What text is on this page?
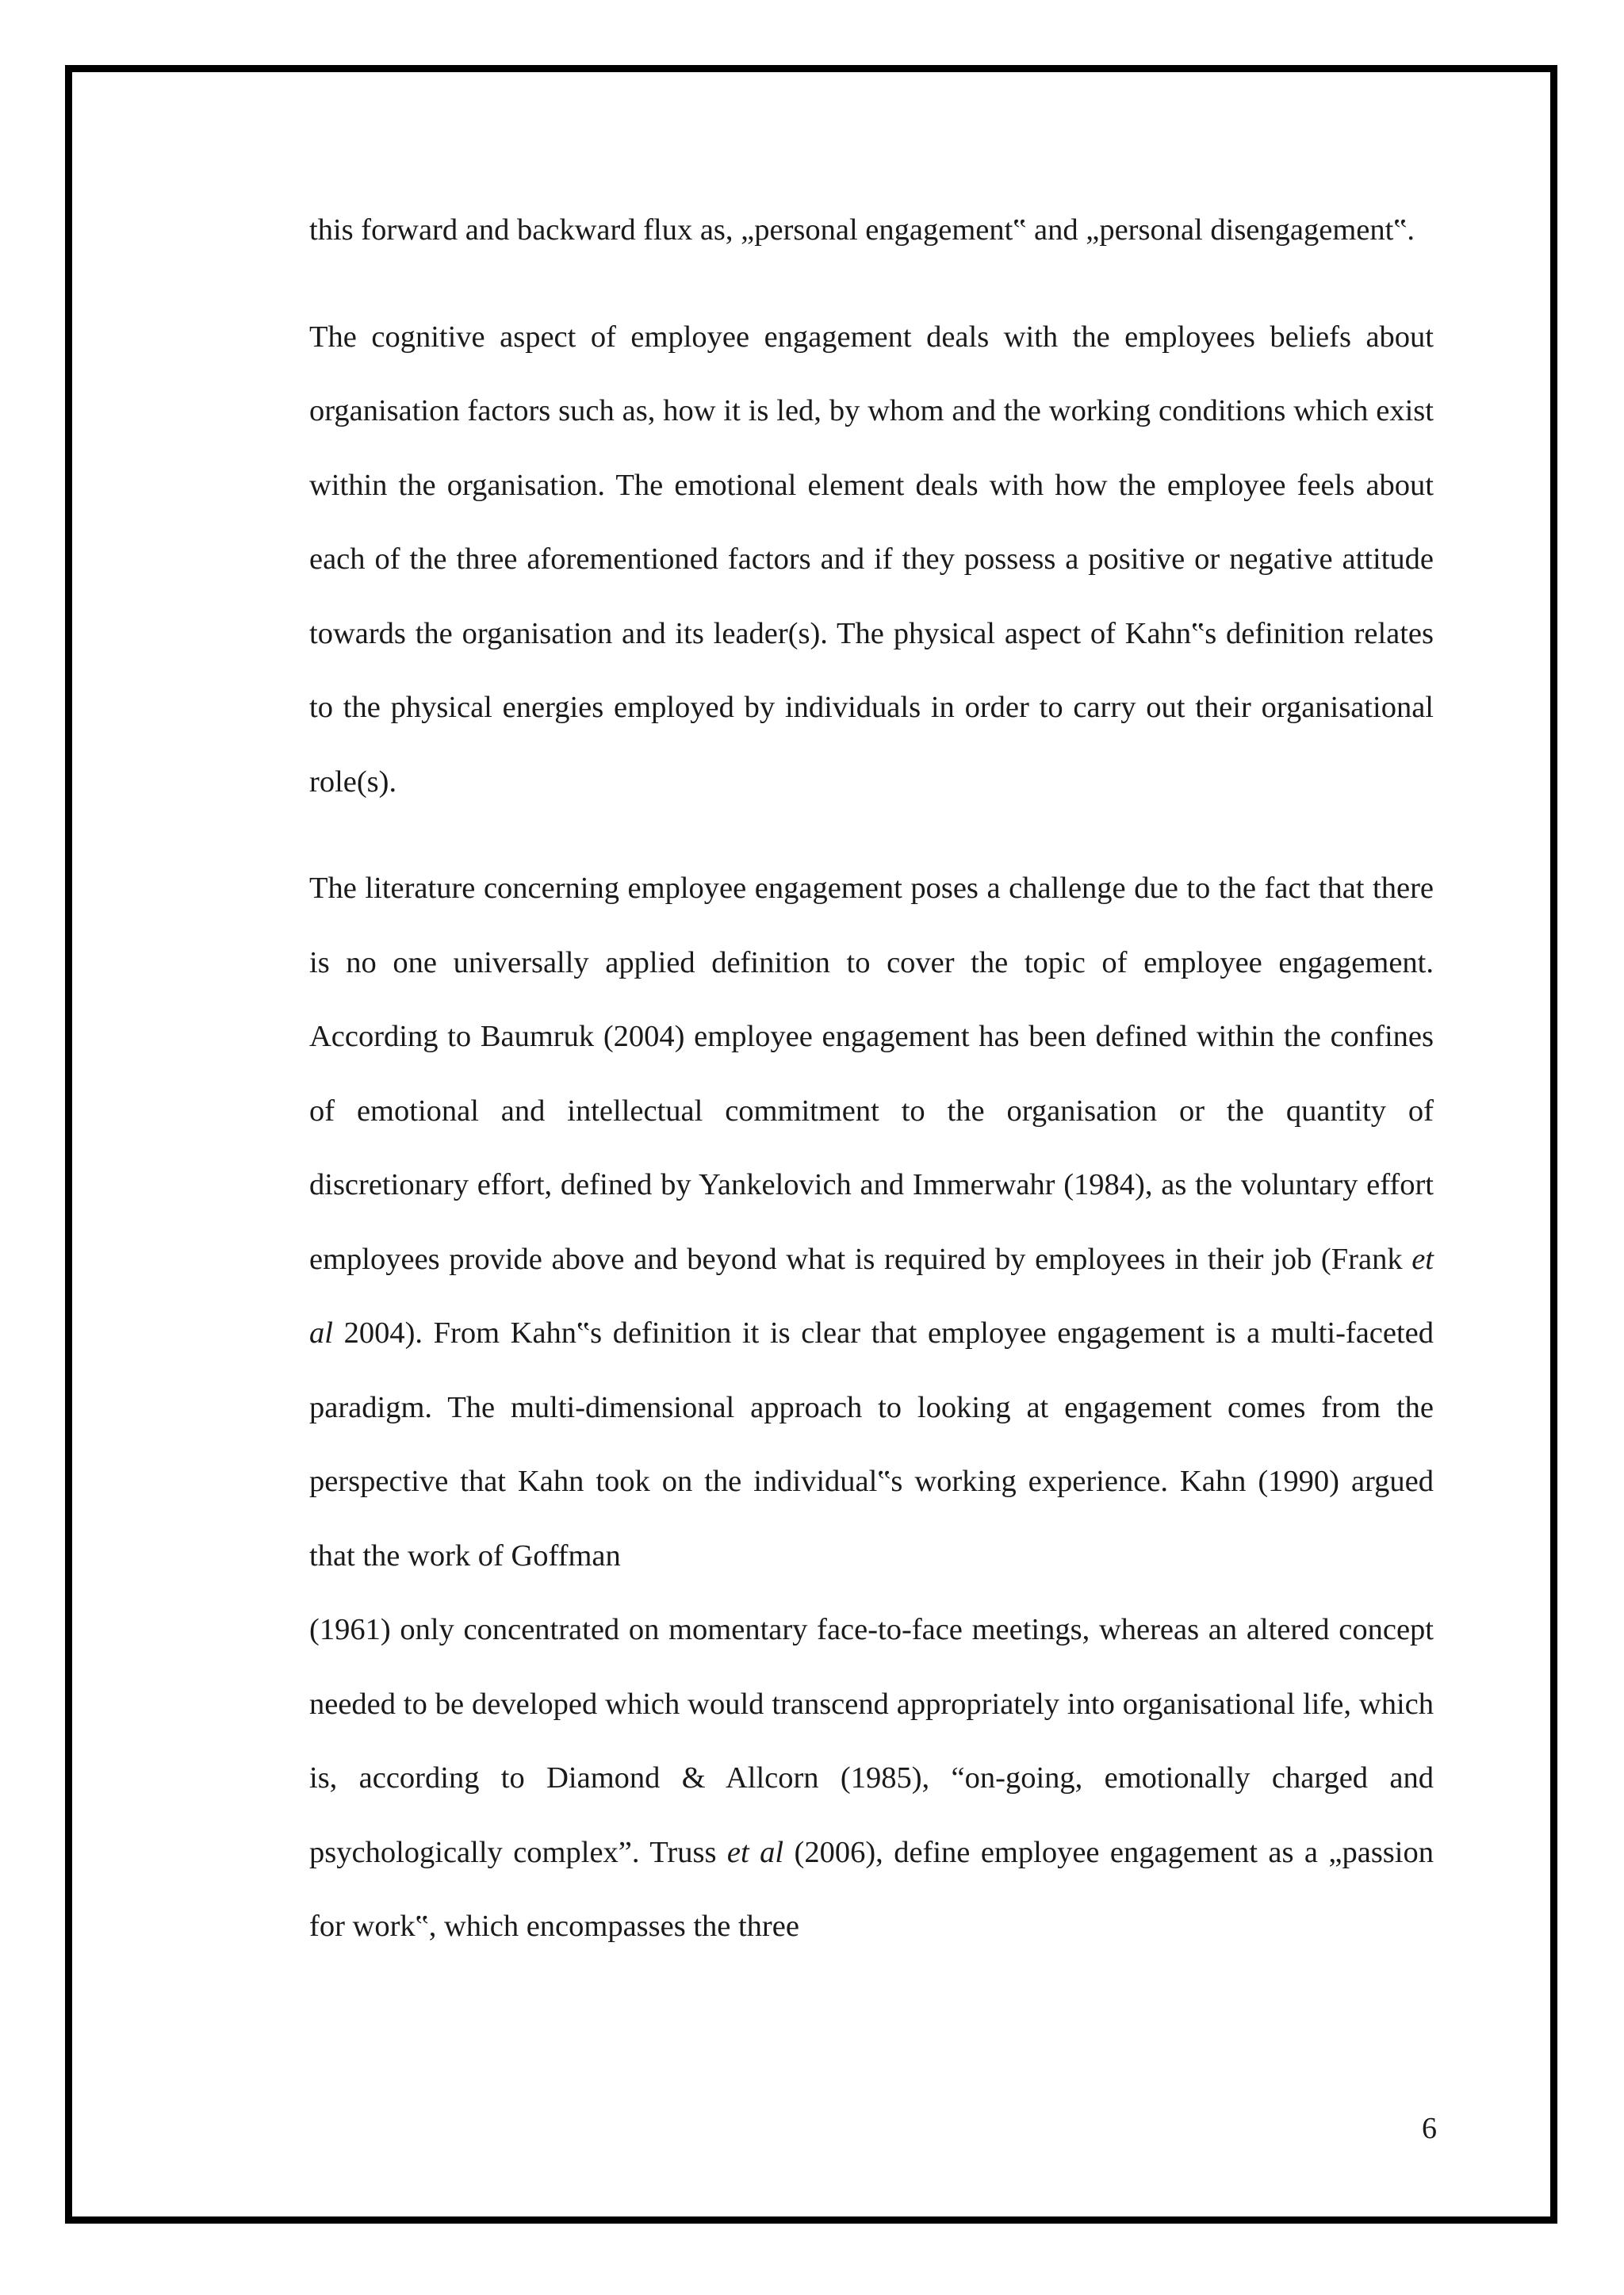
this forward and backward flux as, „personal engagement‟ and „personal disengagement‟.

The cognitive aspect of employee engagement deals with the employees beliefs about organisation factors such as, how it is led, by whom and the working conditions which exist within the organisation. The emotional element deals with how the employee feels about each of the three aforementioned factors and if they possess a positive or negative attitude towards the organisation and its leader(s). The physical aspect of Kahn‟s definition relates to the physical energies employed by individuals in order to carry out their organisational role(s).

The literature concerning employee engagement poses a challenge due to the fact that there is no one universally applied definition to cover the topic of employee engagement. According to Baumruk (2004) employee engagement has been defined within the confines of emotional and intellectual commitment to the organisation or the quantity of discretionary effort, defined by Yankelovich and Immerwahr (1984), as the voluntary effort employees provide above and beyond what is required by employees in their job (Frank et al 2004). From Kahn‟s definition it is clear that employee engagement is a multi-faceted paradigm. The multi-dimensional approach to looking at engagement comes from the perspective that Kahn took on the individual‟s working experience. Kahn (1990) argued that the work of Goffman

(1961) only concentrated on momentary face-to-face meetings, whereas an altered concept needed to be developed which would transcend appropriately into organisational life, which is, according to Diamond & Allcorn (1985), “on-going, emotionally charged and psychologically complex”. Truss et al (2006), define employee engagement as a „passion for work‟, which encompasses the three

6
